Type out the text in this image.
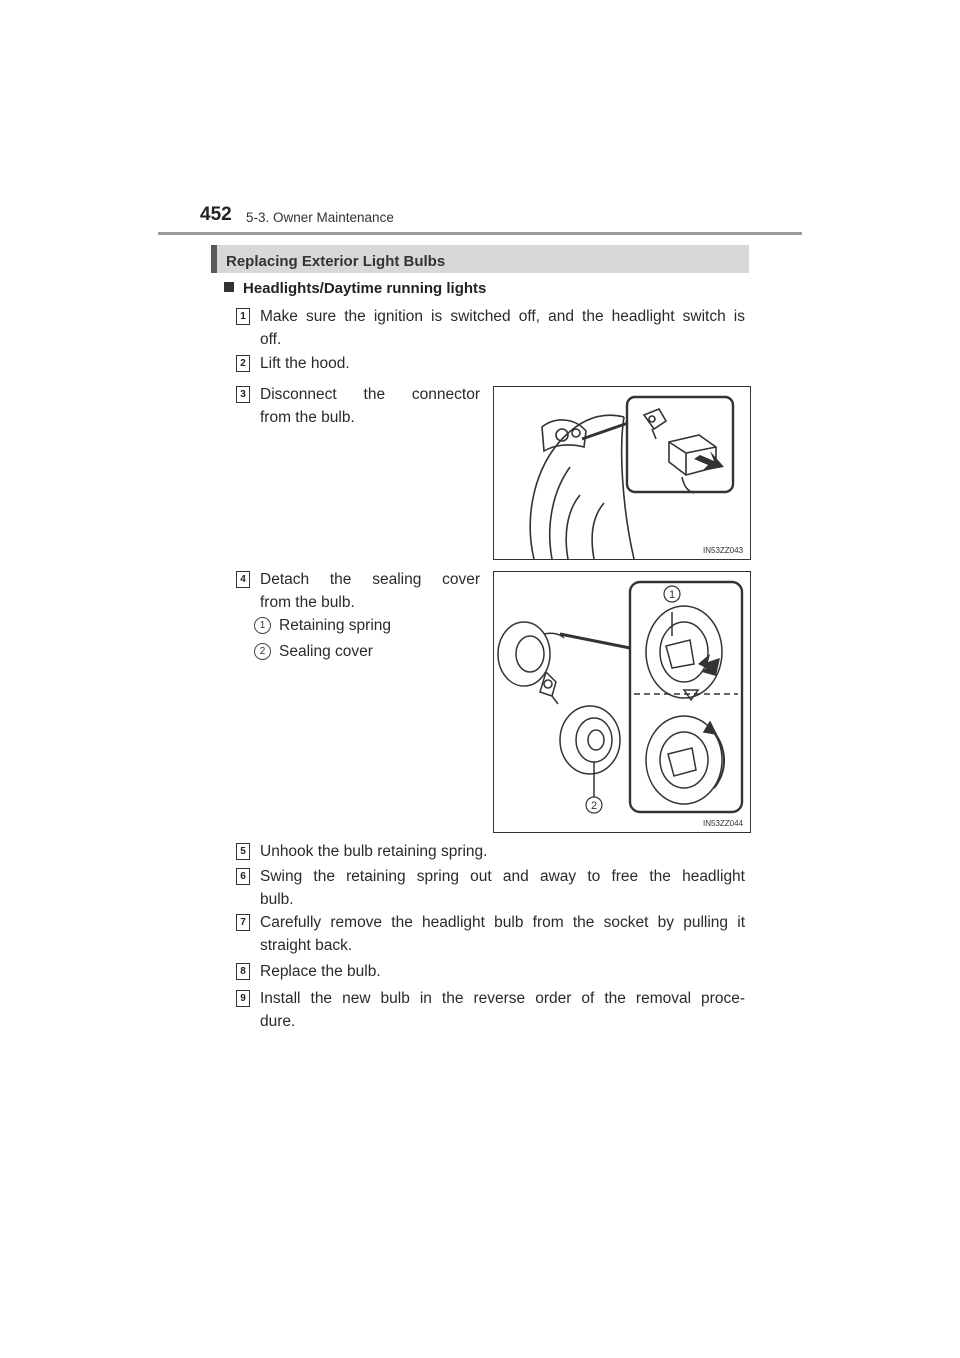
452 5-3. Owner Maintenance
Replacing Exterior Light Bulbs
Headlights/Daytime running lights
1 Make sure the ignition is switched off, and the headlight switch is
off.
2 Lift the hood.
3 Disconnect the connector
from the bulb.
IN53ZZ043
4 Detach the sealing cover
from the bulb.
1 Retaining spring
2 Sealing cover
1
2
IN53ZZ044
5 Unhook the bulb retaining spring.
6 Swing the retaining spring out and away to free the headlight
bulb.
7 Carefully remove the headlight bulb from the socket by pulling it
straight back.
8 Replace the bulb.
9 Install the new bulb in the reverse order of the removal proce-
dure.
